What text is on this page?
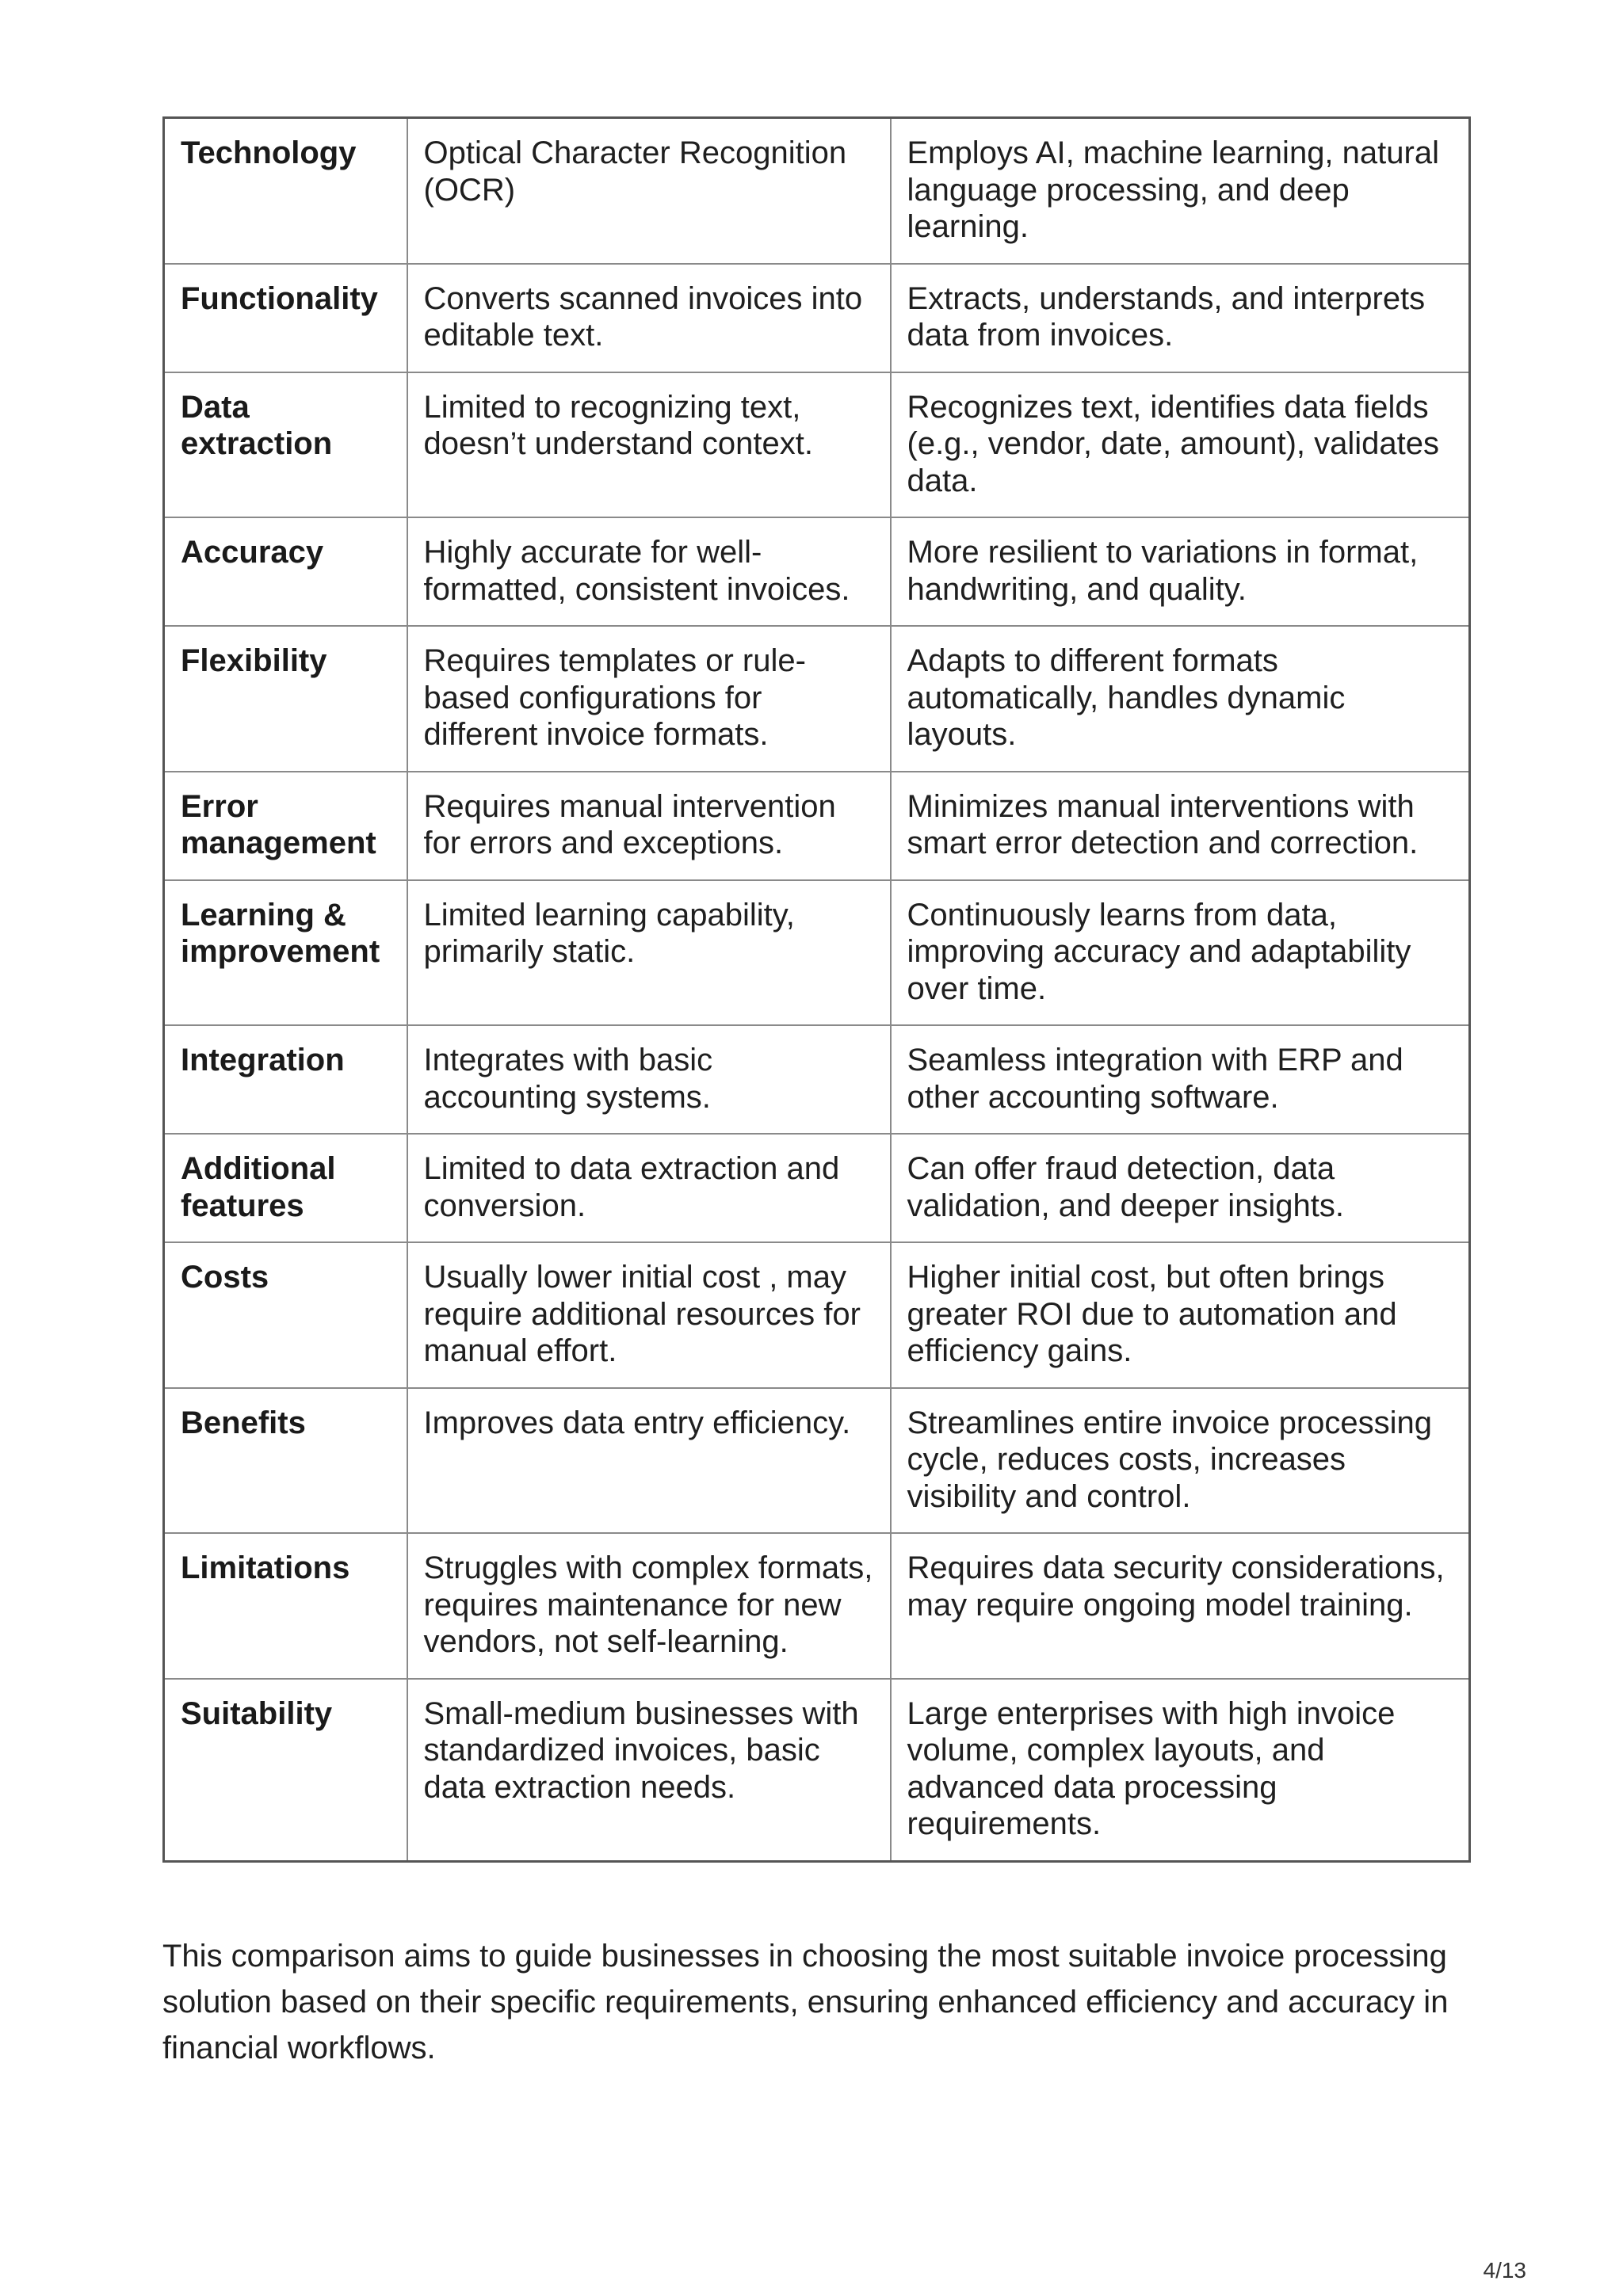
Technology	Optical Character Recognition (OCR)	Employs AI, machine learning, natural language processing, and deep learning.
Functionality	Converts scanned invoices into editable text.	Extracts, understands, and interprets data from invoices.
Data extraction	Limited to recognizing text, doesn’t understand context.	Recognizes text, identifies data fields (e.g., vendor, date, amount), validates data.
Accuracy	Highly accurate for well-formatted, consistent invoices.	More resilient to variations in format, handwriting, and quality.
Flexibility	Requires templates or rule-based configurations for different invoice formats.	Adapts to different formats automatically, handles dynamic layouts.
Error management	Requires manual intervention for errors and exceptions.	Minimizes manual interventions with smart error detection and correction.
Learning & improvement	Limited learning capability, primarily static.	Continuously learns from data, improving accuracy and adaptability over time.
Integration	Integrates with basic accounting systems.	Seamless integration with ERP and other accounting software.
Additional features	Limited to data extraction and conversion.	Can offer fraud detection, data validation, and deeper insights.
Costs	Usually lower initial cost , may require additional resources for manual effort.	Higher initial cost, but often brings greater ROI due to automation and efficiency gains.
Benefits	Improves data entry efficiency.	Streamlines entire invoice processing cycle, reduces costs, increases visibility and control.
Limitations	Struggles with complex formats, requires maintenance for new vendors, not self-learning.	Requires data security considerations, may require ongoing model training.
Suitability	Small-medium businesses with standardized invoices, basic data extraction needs.	Large enterprises with high invoice volume, complex layouts, and advanced data processing requirements.

This comparison aims to guide businesses in choosing the most suitable invoice processing solution based on their specific requirements, ensuring enhanced efficiency and accuracy in financial workflows.

4/13
